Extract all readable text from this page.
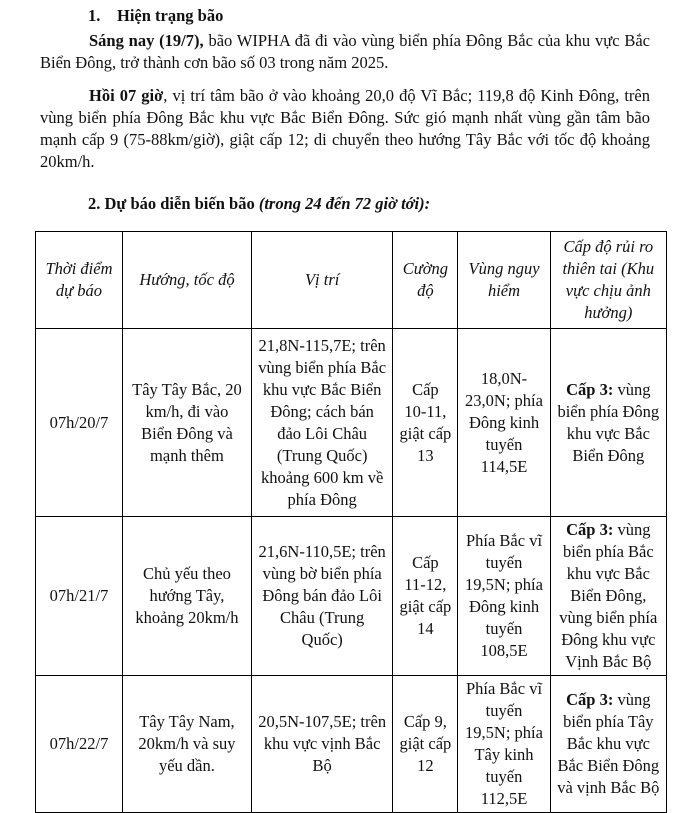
1. Hiện trạng bão
Sáng nay (19/7), bão WIPHA đã đi vào vùng biển phía Đông Bắc của khu vực Bắc Biển Đông, trở thành cơn bão số 03 trong năm 2025.
Hồi 07 giờ, vị trí tâm bão ở vào khoảng 20,0 độ Vĩ Bắc; 119,8 độ Kinh Đông, trên vùng biển phía Đông Bắc khu vực Bắc Biển Đông. Sức gió mạnh nhất vùng gần tâm bão mạnh cấp 9 (75-88km/giờ), giật cấp 12; di chuyển theo hướng Tây Bắc với tốc độ khoảng 20km/h.
2. Dự báo diễn biến bão (trong 24 đến 72 giờ tới):
Thời điểm dự báo	Hướng, tốc độ	Vị trí	Cường độ	Vùng nguy hiểm	Cấp độ rủi ro thiên tai (Khu vực chịu ảnh hưởng)
07h/20/7	Tây Tây Bắc, 20 km/h, đi vào Biển Đông và mạnh thêm	21,8N-115,7E; trên vùng biển phía Bắc khu vực Bắc Biển Đông; cách bán đảo Lôi Châu (Trung Quốc) khoảng 600 km về phía Đông	Cấp 10-11, giật cấp 13	18,0N-23,0N; phía Đông kinh tuyến 114,5E	Cấp 3: vùng biển phía Đông khu vực Bắc Biển Đông
07h/21/7	Chủ yếu theo hướng Tây, khoảng 20km/h	21,6N-110,5E; trên vùng bờ biển phía Đông bán đảo Lôi Châu (Trung Quốc)	Cấp 11-12, giật cấp 14	Phía Bắc vĩ tuyến 19,5N; phía Đông kinh tuyến 108,5E	Cấp 3: vùng biển phía Bắc khu vực Bắc Biển Đông, vùng biển phía Đông khu vực Vịnh Bắc Bộ
07h/22/7	Tây Tây Nam, 20km/h và suy yếu dần.	20,5N-107,5E; trên khu vực vịnh Bắc Bộ	Cấp 9, giật cấp 12	Phía Bắc vĩ tuyến 19,5N; phía Tây kinh tuyến 112,5E	Cấp 3: vùng biển phía Tây Bắc khu vực Bắc Biển Đông và vịnh Bắc Bộ
